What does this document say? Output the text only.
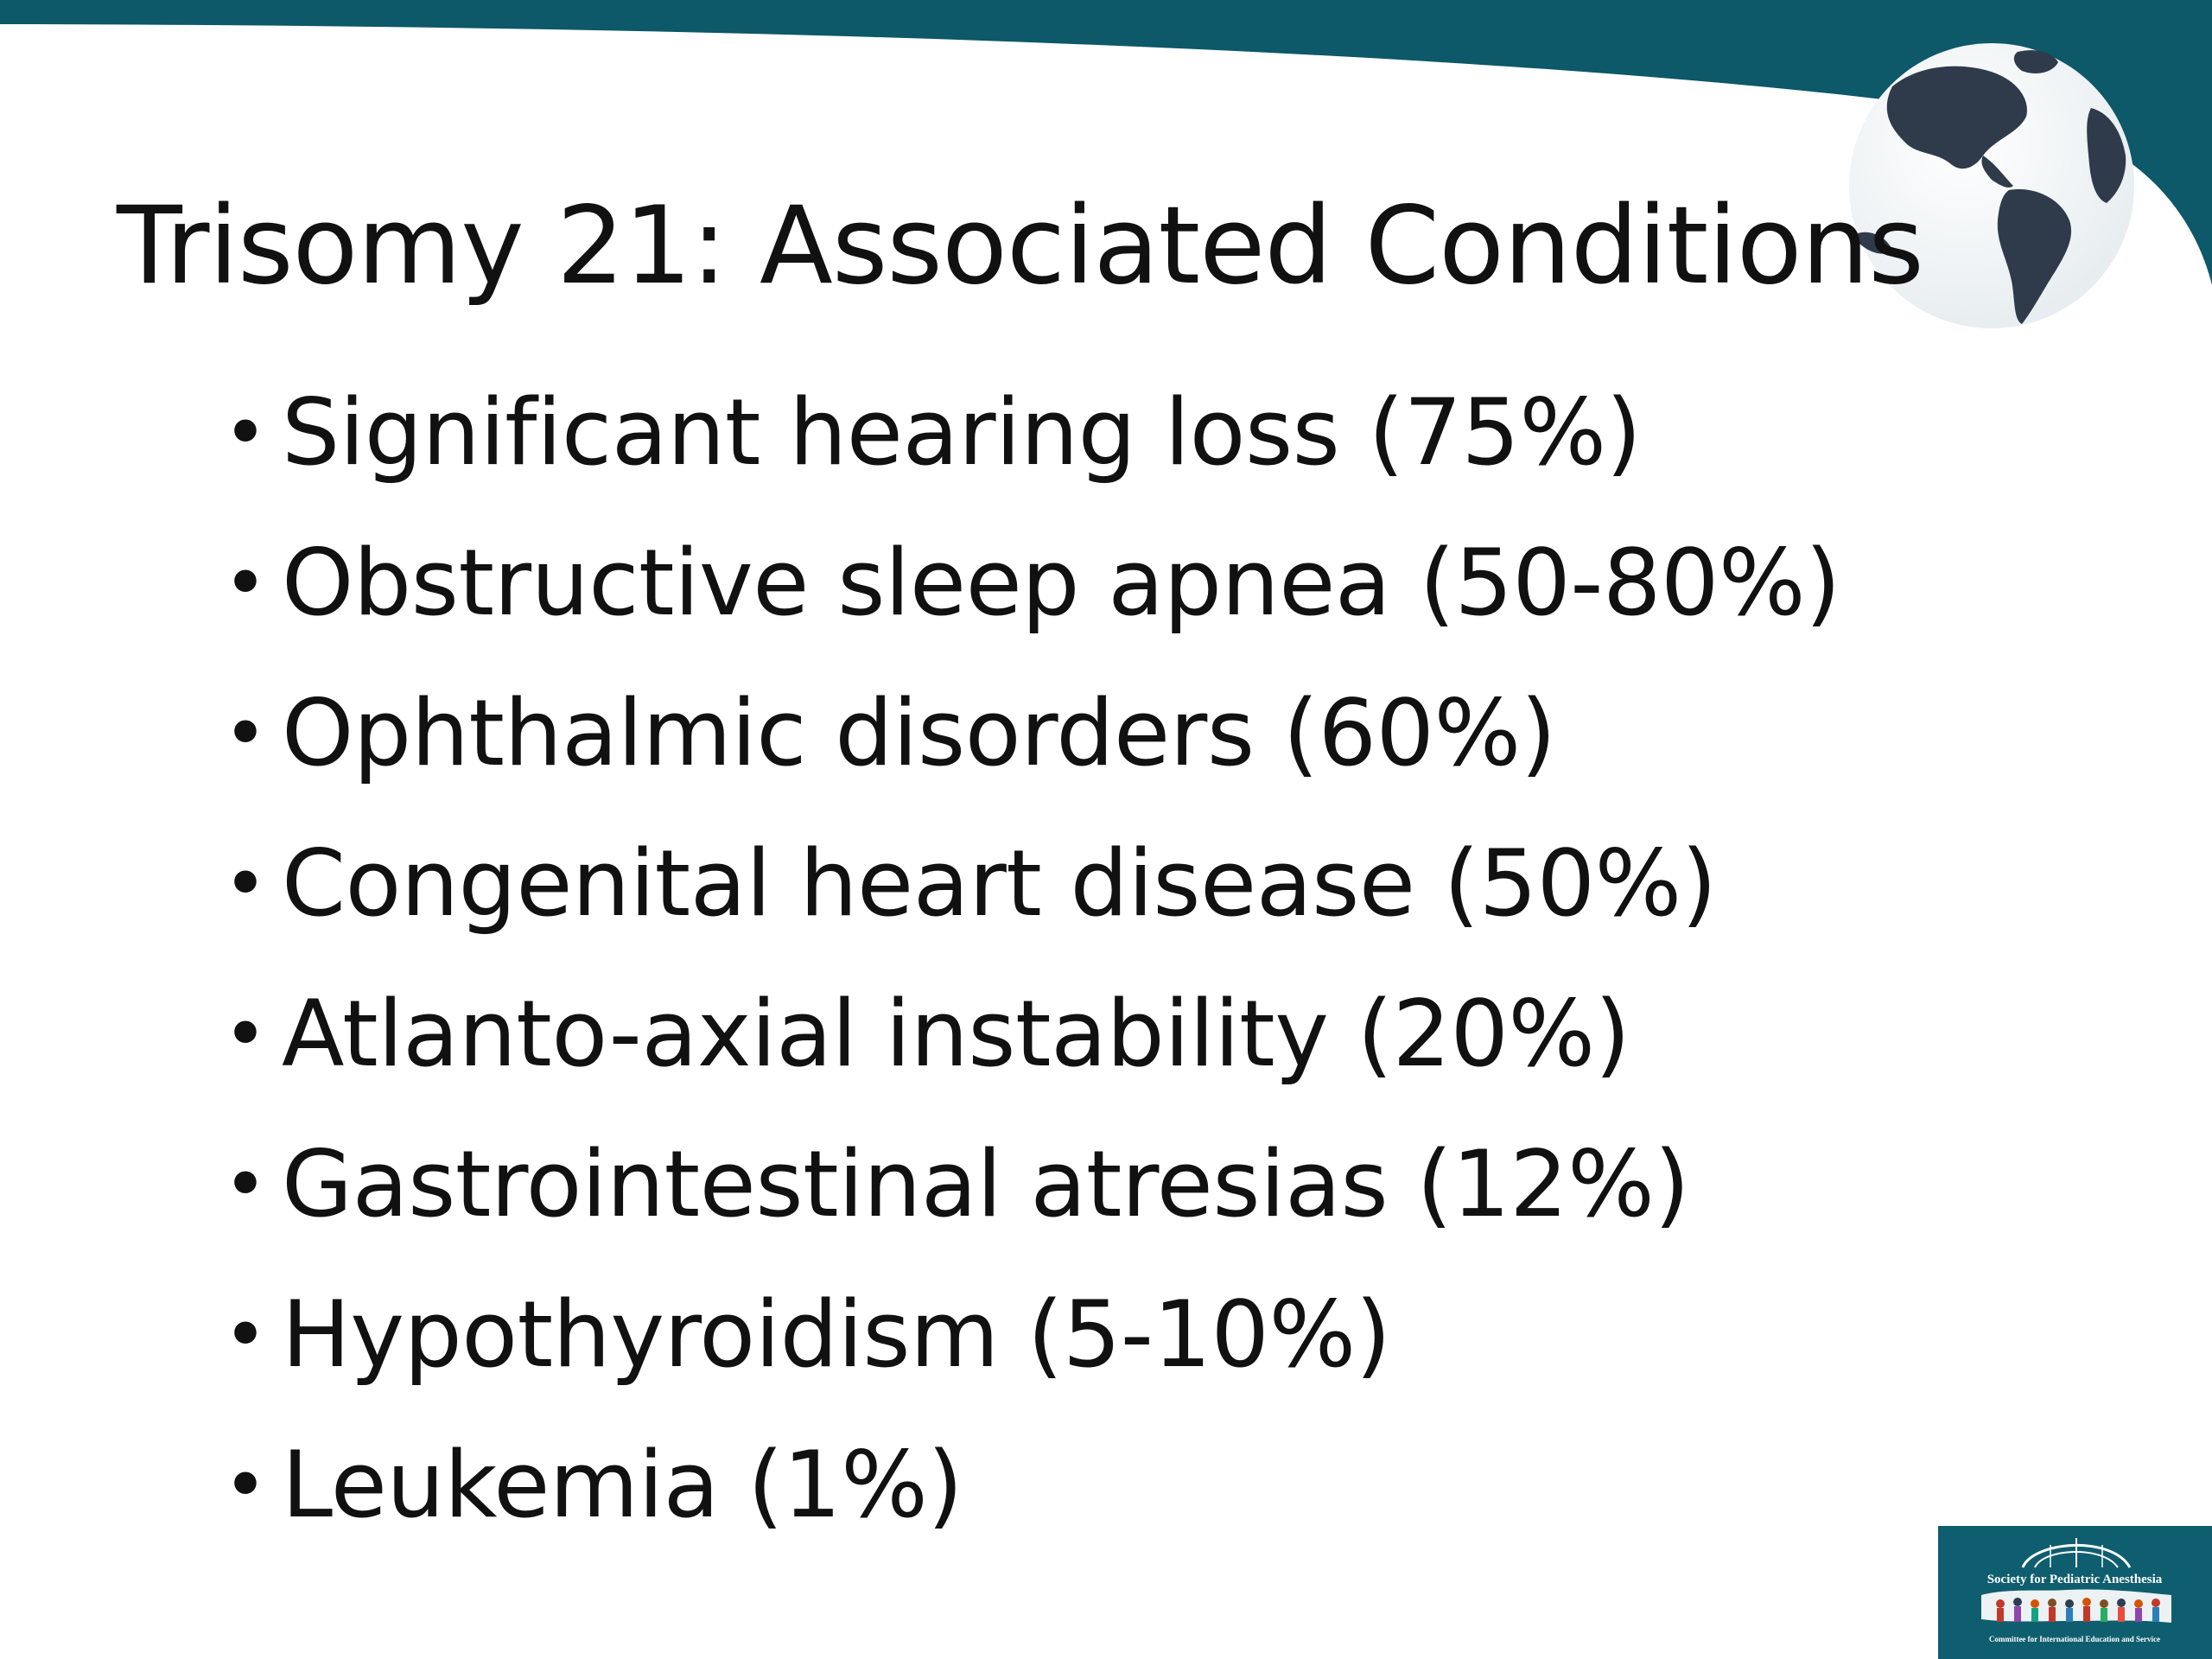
Trisomy 21: Associated Conditions
• Significant hearing loss (75%)
• Obstructive sleep apnea (50-80%)
• Ophthalmic disorders (60%)
• Congenital heart disease (50%)
• Atlanto-axial instability (20%)
• Gastrointestinal atresias (12%)
• Hypothyroidism (5-10%)
• Leukemia (1%)
Society for Pediatric Anesthesia
Committee for International Education and Service
